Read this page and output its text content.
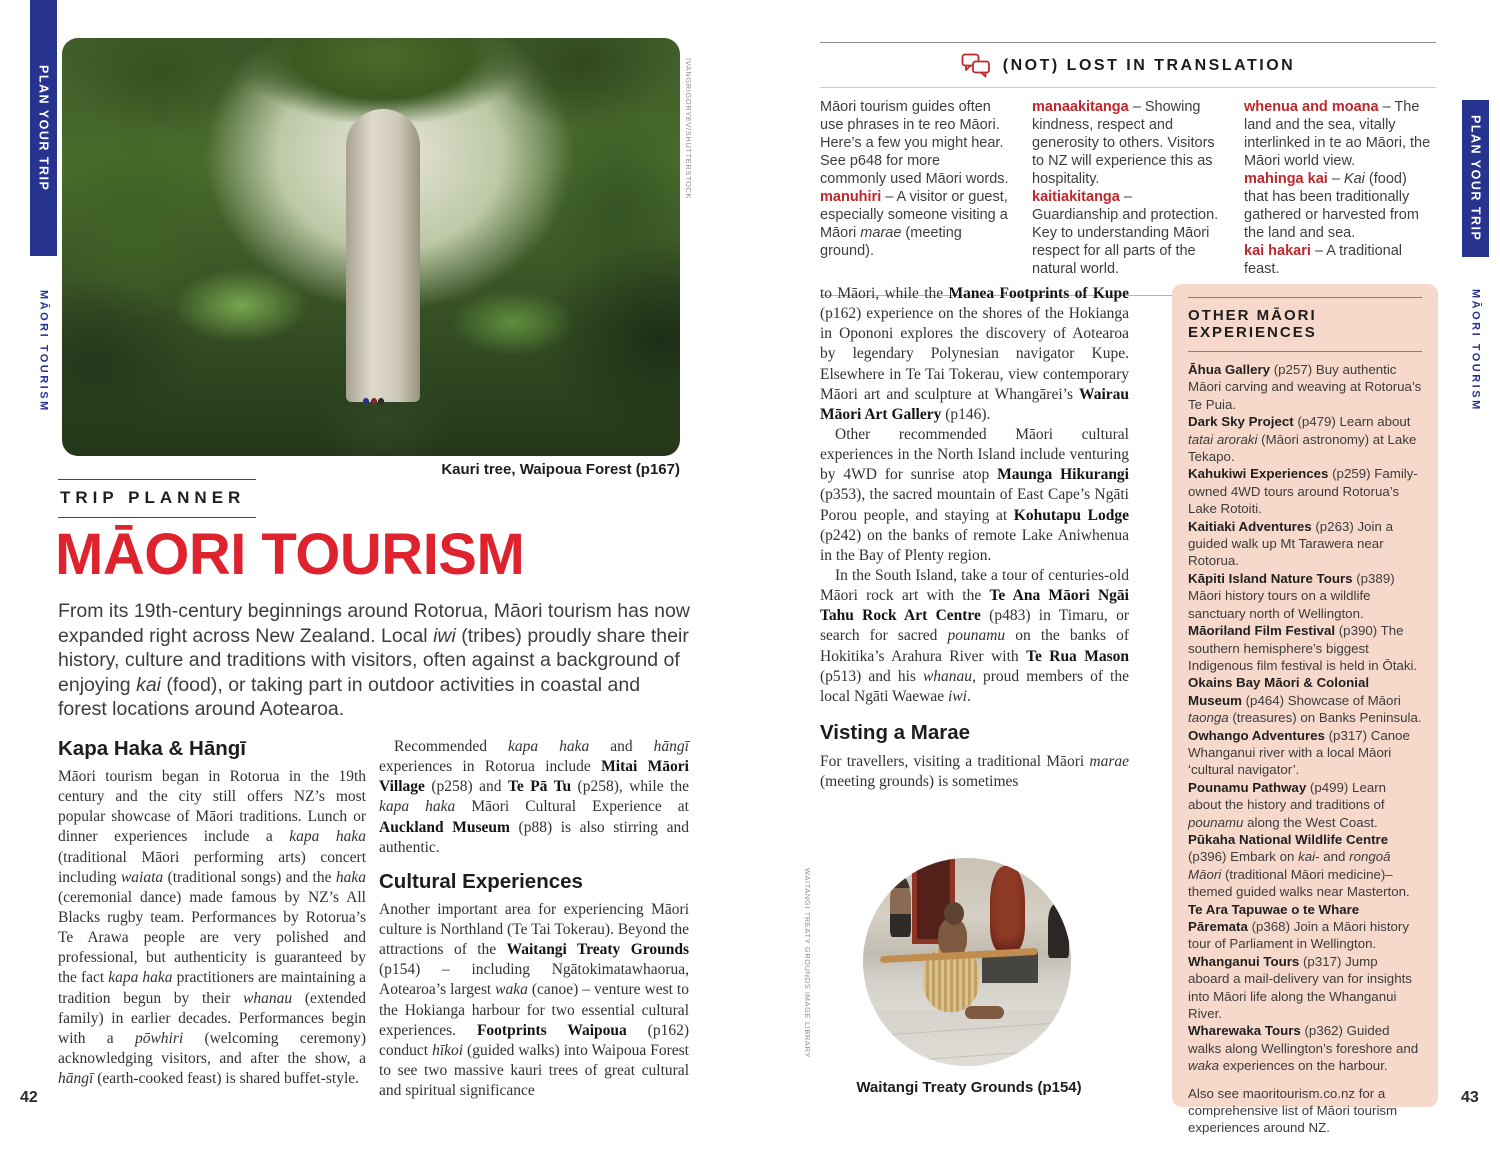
PLAN YOUR TRIP
MĀORI TOURISM
IVANGRIGORYEV/SHUTTERSTOCK
Kauri tree, Waipoua Forest (p167)
TRIP PLANNER
MĀORI TOURISM
From its 19th-century beginnings around Rotorua, Māori tourism has now expanded right across New Zealand. Local iwi (tribes) proudly share their history, culture and traditions with visitors, often against a background of enjoying kai (food), or taking part in outdoor activities in coastal and forest locations around Aotearoa.
Kapa Haka & Hāngī
Māori tourism began in Rotorua in the 19th century and the city still offers NZ’s most popular showcase of Māori traditions. Lunch or dinner experiences include a kapa haka (traditional Māori performing arts) concert including waiata (traditional songs) and the haka (ceremonial dance) made famous by NZ’s All Blacks rugby team. Performances by Rotorua’s Te Arawa people are very polished and professional, but authenticity is guaranteed by the fact kapa haka practitioners are maintaining a tradition begun by their whanau (extended family) in earlier decades. Performances begin with a pōwhiri (welcoming ceremony) acknowledging visitors, and after the show, a hāngī (earth-cooked feast) is shared buffet-style.
Recommended kapa haka and hāngī experiences in Rotorua include Mitai Māori Village (p258) and Te Pā Tu (p258), while the kapa haka Māori Cultural Experience at Auckland Museum (p88) is also stirring and authentic.
Cultural Experiences
Another important area for experiencing Māori culture is Northland (Te Tai Tokerau). Beyond the attractions of the Waitangi Treaty Grounds (p154) – including Ngātokimatawhaorua, Aotearoa’s largest waka (canoe) – venture west to the Hokianga harbour for two essential cultural experiences. Footprints Waipoua (p162) conduct hīkoi (guided walks) into Waipoua Forest to see two massive kauri trees of great cultural and spiritual significance
42
(NOT) LOST IN TRANSLATION
Māori tourism guides often use phrases in te reo Māori. Here’s a few you might hear. See p648 for more commonly used Māori words.
manuhiri – A visitor or guest, especially someone visiting a Māori marae (meeting ground).
manaakitanga – Showing kindness, respect and generosity to others. Visitors to NZ will experience this as hospitality.
kaitiakitanga – Guardianship and protection. Key to understanding Māori respect for all parts of the natural world.
whenua and moana – The land and the sea, vitally interlinked in te ao Māori, the Māori world view.
mahinga kai – Kai (food) that has been traditionally gathered or harvested from the land and sea.
kai hakari – A traditional feast.
PLAN YOUR TRIP
MĀORI TOURISM

to Māori, while the Manea Footprints of Kupe (p162) experience on the shores of the Hokianga in Opononi explores the discovery of Aotearoa by legendary Polynesian navigator Kupe. Elsewhere in Te Tai Tokerau, view contemporary Māori art and sculpture at Whangārei’s Wairau Māori Art Gallery (p146).

Other recommended Māori cultural experiences in the North Island include venturing by 4WD for sunrise atop Maunga Hikurangi (p353), the sacred mountain of East Cape’s Ngāti Porou people, and staying at Kohutapu Lodge (p242) on the banks of remote Lake Aniwhenua in the Bay of Plenty region.

In the South Island, take a tour of centuries-old Māori rock art with the Te Ana Māori Ngāi Tahu Rock Art Centre (p483) in Timaru, or search for sacred pounamu on the banks of Hokitika’s Arahura River with Te Rua Mason (p513) and his whanau, proud members of the local Ngāti Waewae iwi.

Visting a Marae

For travellers, visiting a traditional Māori marae (meeting grounds) is sometimes

WAITANGI TREATY GROUNDS IMAGE LIBRARY
Waitangi Treaty Grounds (p154)
OTHER MĀORI EXPERIENCES
Āhua Gallery (p257) Buy authentic Māori carving and weaving at Rotorua’s Te Puia.
Dark Sky Project (p479) Learn about tatai aroraki (Māori astronomy) at Lake Tekapo.
Kahukiwi Experiences (p259) Family-owned 4WD tours around Rotorua’s Lake Rotoiti.
Kaitiaki Adventures (p263) Join a guided walk up Mt Tarawera near Rotorua.
Kāpiti Island Nature Tours (p389) Māori history tours on a wildlife sanctuary north of Wellington.
Māoriland Film Festival (p390) The southern hemisphere’s biggest Indigenous film festival is held in Ōtaki.
Okains Bay Māori & Colonial Museum (p464) Showcase of Māori taonga (treasures) on Banks Peninsula.
Owhango Adventures (p317) Canoe Whanganui river with a local Māori ‘cultural navigator’.
Pounamu Pathway (p499) Learn about the history and traditions of pounamu along the West Coast.
Pūkaha National Wildlife Centre (p396) Embark on kai- and rongoā Māori (traditional Māori medicine)–themed guided walks near Masterton.
Te Ara Tapuwae o te Whare Pāremata (p368) Join a Māori history tour of Parliament in Wellington.
Whanganui Tours (p317) Jump aboard a mail-delivery van for insights into Māori life along the Whanganui River.
Wharewaka Tours (p362) Guided walks along Wellington’s foreshore and waka experiences on the harbour.
Also see maoritourism.co.nz for a comprehensive list of Māori tourism experiences around NZ.
43
